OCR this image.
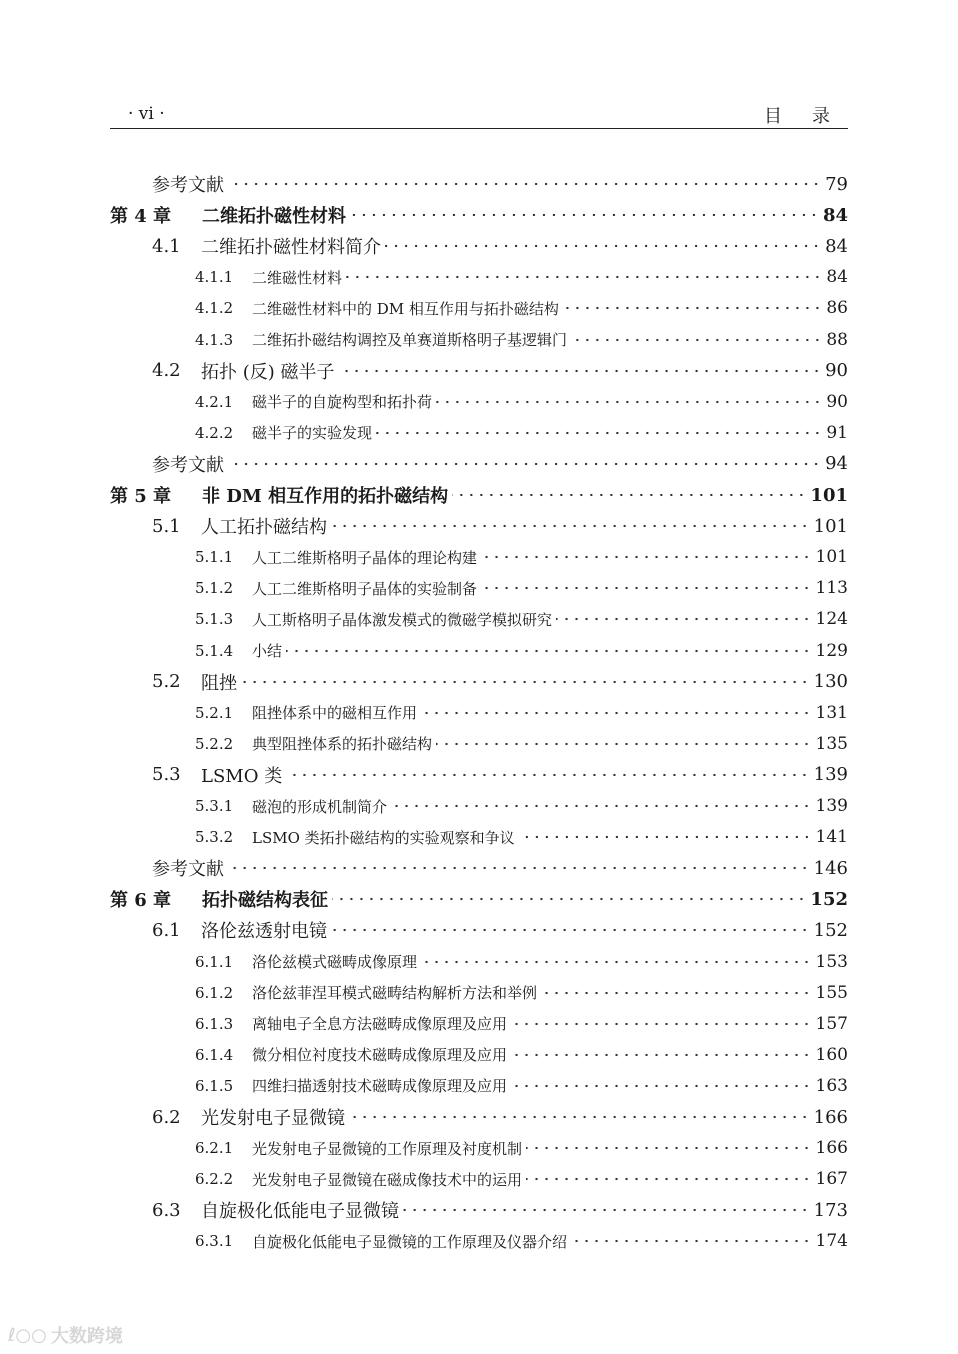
· vi ·	目录
参考文献	79
第 4 章	二维拓扑磁性材料	84
4.1	二维拓扑磁性材料简介	84
4.1.1	二维磁性材料	84
4.1.2	二维磁性材料中的 DM 相互作用与拓扑磁结构	86
4.1.3	二维拓扑磁结构调控及单赛道斯格明子基逻辑门	88
4.2	拓扑 (反) 磁半子	90
4.2.1	磁半子的自旋构型和拓扑荷	90
4.2.2	磁半子的实验发现	91
参考文献	94
第 5 章	非 DM 相互作用的拓扑磁结构	101
5.1	人工拓扑磁结构	101
5.1.1	人工二维斯格明子晶体的理论构建	101
5.1.2	人工二维斯格明子晶体的实验制备	113
5.1.3	人工斯格明子晶体激发模式的微磁学模拟研究	124
5.1.4	小结	129
5.2	阻挫	130
5.2.1	阻挫体系中的磁相互作用	131
5.2.2	典型阻挫体系的拓扑磁结构	135
5.3	LSMO 类	139
5.3.1	磁泡的形成机制简介	139
5.3.2	LSMO 类拓扑磁结构的实验观察和争议	141
参考文献	146
第 6 章	拓扑磁结构表征	152
6.1	洛伦兹透射电镜	152
6.1.1	洛伦兹模式磁畴成像原理	153
6.1.2	洛伦兹菲涅耳模式磁畴结构解析方法和举例	155
6.1.3	离轴电子全息方法磁畴成像原理及应用	157
6.1.4	微分相位衬度技术磁畴成像原理及应用	160
6.1.5	四维扫描透射技术磁畴成像原理及应用	163
6.2	光发射电子显微镜	166
6.2.1	光发射电子显微镜的工作原理及衬度机制	166
6.2.2	光发射电子显微镜在磁成像技术中的运用	167
6.3	自旋极化低能电子显微镜	173
6.3.1	自旋极化低能电子显微镜的工作原理及仪器介绍	174
ℓ○○ 大数跨境
